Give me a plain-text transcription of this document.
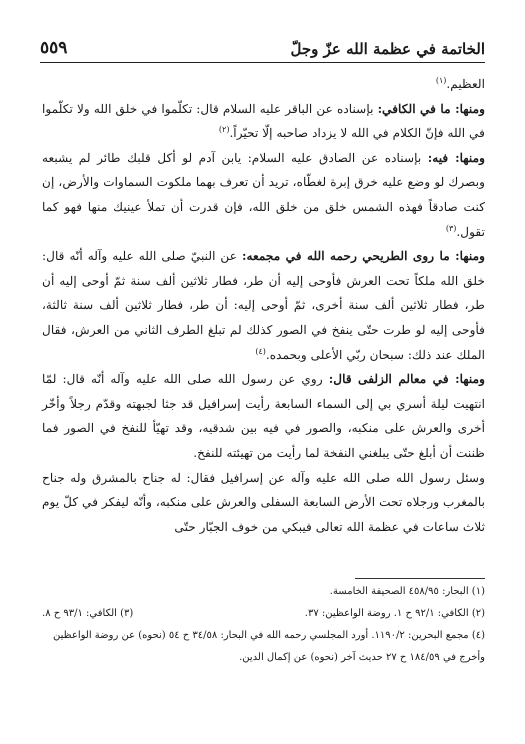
٥٥٩	الخاتمة في عظمة الله عزّ وجلّ

العظيم.$^{(١)}$

ومنها: ما في الكافي: بإسناده عن الباقر عليه السلام قال: تكلّموا في خلق الله ولا تكلّموا في الله فإنّ الكلام في الله لا يزداد صاحبه إلّا تحيّراً.$^{(٢)}$

ومنها: فيه: بإسناده عن الصادق عليه السلام: يابن آدم لو أكل قلبك طائر لم يشبعه وبصرك لو وضع عليه خرق إبرة لغطّاه، تريد أن تعرف بهما ملكوت السماوات والأرض، إن كنت صادقاً فهذه الشمس خلق من خلق الله، فإن قدرت أن تملأ عينيك منها فهو كما تقول.$^{(٣)}$

ومنها: ما روى الطريحي رحمه الله في مجمعه: عن النبيّ صلى الله عليه وآله أنّه قال: خلق الله ملكاً تحت العرش فأوحى إليه أن طر، فطار ثلاثين ألف سنة ثمّ أوحى إليه أن طر، فطار ثلاثين ألف سنة أخرى، ثمّ أوحى إليه: أن طر، فطار ثلاثين ألف سنة ثالثة، فأوحى إليه لو طرت حتّى ينفخ في الصور كذلك لم تبلغ الطرف الثاني من العرش، فقال الملك عند ذلك: سبحان ربّي الأعلى وبحمده.$^{(٤)}$

ومنها: في معالم الزلفى قال: روي عن رسول الله صلى الله عليه وآله أنّه قال: لمّا انتهيت ليلة أسري بي إلى السماء السابعة رأيت إسرافيل قد جثا لجبهته وقدّم رجلاً وأخّر أخرى والعرش على منكبه، والصور في فيه بين شدقيه، وقد تهيّأ للنفخ في الصور فما ظننت أن أبلغ حتّى يبلغني النفخة لما رأيت من تهيئته للنفخ.

وسئل رسول الله صلى الله عليه وآله عن إسرافيل فقال: له جناح بالمشرق وله جناح بالمغرب ورجلاه تحت الأرض السابعة السفلى والعرش على منكبه، وأنّه ليفكر في كلّ يوم ثلاث ساعات في عظمة الله تعالى فيبكي من خوف الجبّار حتّى

(١) البحار: ٤٥٨/٩٥ الصحيفة الخامسة.
(٢) الكافي: ٩٢/١ ح ١. روضة الواعظين: ٣٧.
(٣) الكافي: ٩٣/١ ح ٨.
(٤) مجمع البحرين: ١١٩٠/٢. أورد المجلسي رحمه الله في البحار: ٣٤/٥٨ ح ٥٤ (نحوه) عن روضة الواعظين وأخرج في ١٨٤/٥٩ ح ٢٧ حديث آخر (نحوه) عن إكمال الدين.
